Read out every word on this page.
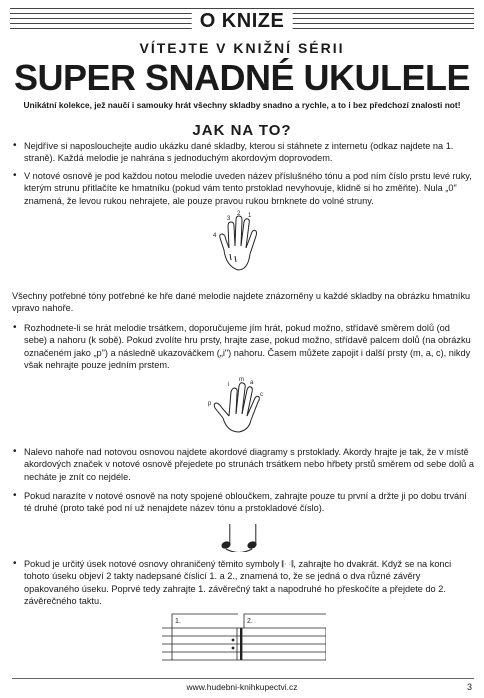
O KNIZE
VÍTEJTE V KNIŽNÍ SÉRII
SUPER SNADNÉ UKULELE
Unikátní kolekce, jež naučí i samouky hrát všechny skladby snadno a rychle, a to i bez předchozí znalosti not!
JAK NA TO?
• Nejdříve si naposlouchejte audio ukázku dané skladby, kterou si stáhnete z internetu (odkaz najdete na 1. straně). Každá melodie je nahrána s jednoduchým akordovým doprovodem.
• V notové osnově je pod každou notou melodie uveden název příslušného tónu a pod ním číslo prstu levé ruky, kterým strunu přitlačíte ke hmatníku (pokud vám tento prstoklad nevyhovuje, klidně si ho změňte). Nula „0" znamená, že levou rukou nehrajete, ale pouze pravou rukou brnknete do volné struny.
4
3
2 1
Všechny potřebné tóny potřebné ke hře dané melodie najdete znázorněny u každé skladby na obrázku hmatníku vpravo nahoře.
• Rozhodnete-li se hrát melodie trsátkem, doporučujeme jím hrát, pokud možno, střídavě směrem dolů (od sebe) a nahoru (k sobě). Pokud zvolíte hru prsty, hrajte zase, pokud možno, střídavě palcem dolů (na obrázku označeném jako „p") a následně ukazováčkem („i") nahoru. Časem můžete zapojit i další prsty (m, a, c), nikdy však nehrajte pouze jedním prstem.
p
i
m a
c
• Nalevo nahoře nad notovou osnovou najdete akordové diagramy s prstoklady. Akordy hrajte je tak, že v místě akordových značek v notové osnově přejedete po strunách trsátkem nebo hřbety prstů směrem od sebe dolů a necháte je znít co nejdéle.
• Pokud narazíte v notové osnově na noty spojené obloučkem, zahrajte pouze tu první a držte ji po dobu trvání té druhé (proto také pod ní už nenajdete název tónu a prstokladové číslo).
• Pokud je určitý úsek notové osnovy ohraničený těmito symboly 𝄆 𝄇, zahrajte ho dvakrát. Když se na konci tohoto úseku objeví 2 takty nadepsané číslicí 1. a 2., znamená to, že se jedná o dva různé závěry opakovaného úseku. Poprvé tedy zahrajte 1. závěrečný takt a napodruhé ho přeskočíte a přejdete do 2. závěrečného taktu.
1.	2.
www.hudebni-knihkupectvi.cz	3
